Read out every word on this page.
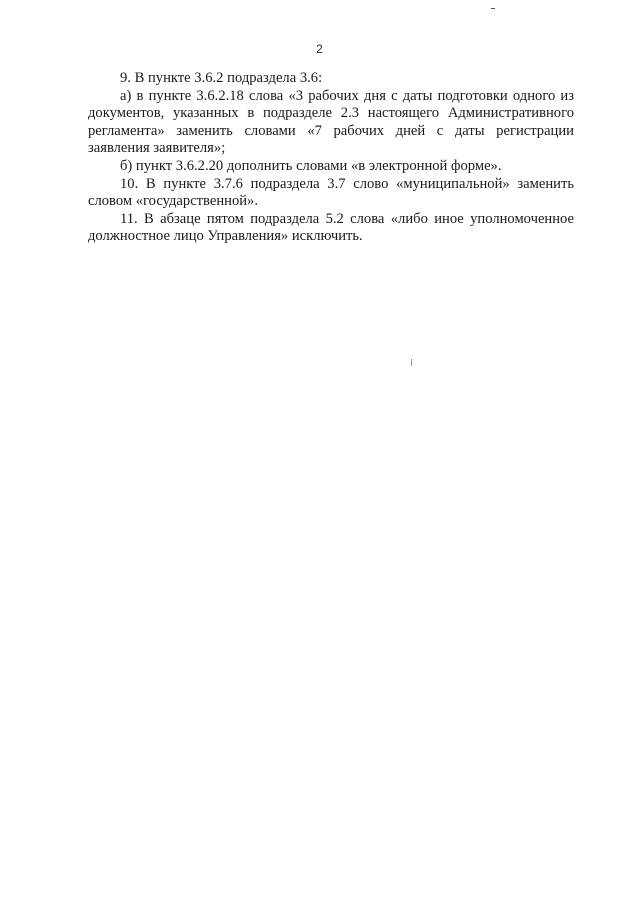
2

9. В пункте 3.6.2 подраздела 3.6:

а) в пункте 3.6.2.18 слова «3 рабочих дня с даты подготовки одного из документов, указанных в подразделе 2.3 настоящего Административного регламента» заменить словами «7 рабочих дней с даты регистрации заявления заявителя»;

б) пункт 3.6.2.20 дополнить словами «в электронной форме».

10. В пункте 3.7.6 подраздела 3.7 слово «муниципальной» заменить словом «государственной».

11. В абзаце пятом подраздела 5.2 слова «либо иное уполномоченное должностное лицо Управления» исключить.
